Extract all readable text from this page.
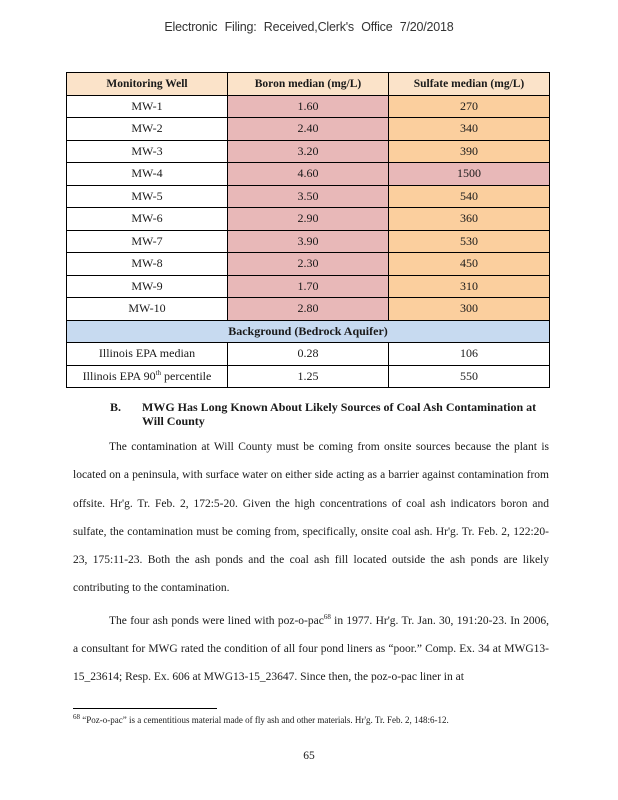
Electronic Filing: Received,Clerk's Office 7/20/2018
Monitoring Well	Boron median (mg/L)	Sulfate median (mg/L)
MW-1	1.60	270
MW-2	2.40	340
MW-3	3.20	390
MW-4	4.60	1500
MW-5	3.50	540
MW-6	2.90	360
MW-7	3.90	530
MW-8	2.30	450
MW-9	1.70	310
MW-10	2.80	300
Background (Bedrock Aquifer)		
Illinois EPA median	0.28	106
Illinois EPA 90th percentile	1.25	550
B. MWG Has Long Known About Likely Sources of Coal Ash Contamination at Will County

The contamination at Will County must be coming from onsite sources because the plant is located on a peninsula, with surface water on either side acting as a barrier against contamination from offsite. Hr'g. Tr. Feb. 2, 172:5-20. Given the high concentrations of coal ash indicators boron and sulfate, the contamination must be coming from, specifically, onsite coal ash. Hr'g. Tr. Feb. 2, 122:20-23, 175:11-23. Both the ash ponds and the coal ash fill located outside the ash ponds are likely contributing to the contamination.

The four ash ponds were lined with poz-o-pac$^{68}$ in 1977. Hr'g. Tr. Jan. 30, 191:20-23. In 2006, a consultant for MWG rated the condition of all four pond liners as “poor.” Comp. Ex. 34 at MWG13-15_23614; Resp. Ex. 606 at MWG13-15_23647. Since then, the poz-o-pac liner in at

$^{68}$ “Poz-o-pac” is a cementitious material made of fly ash and other materials. Hr'g. Tr. Feb. 2, 148:6-12.
65
